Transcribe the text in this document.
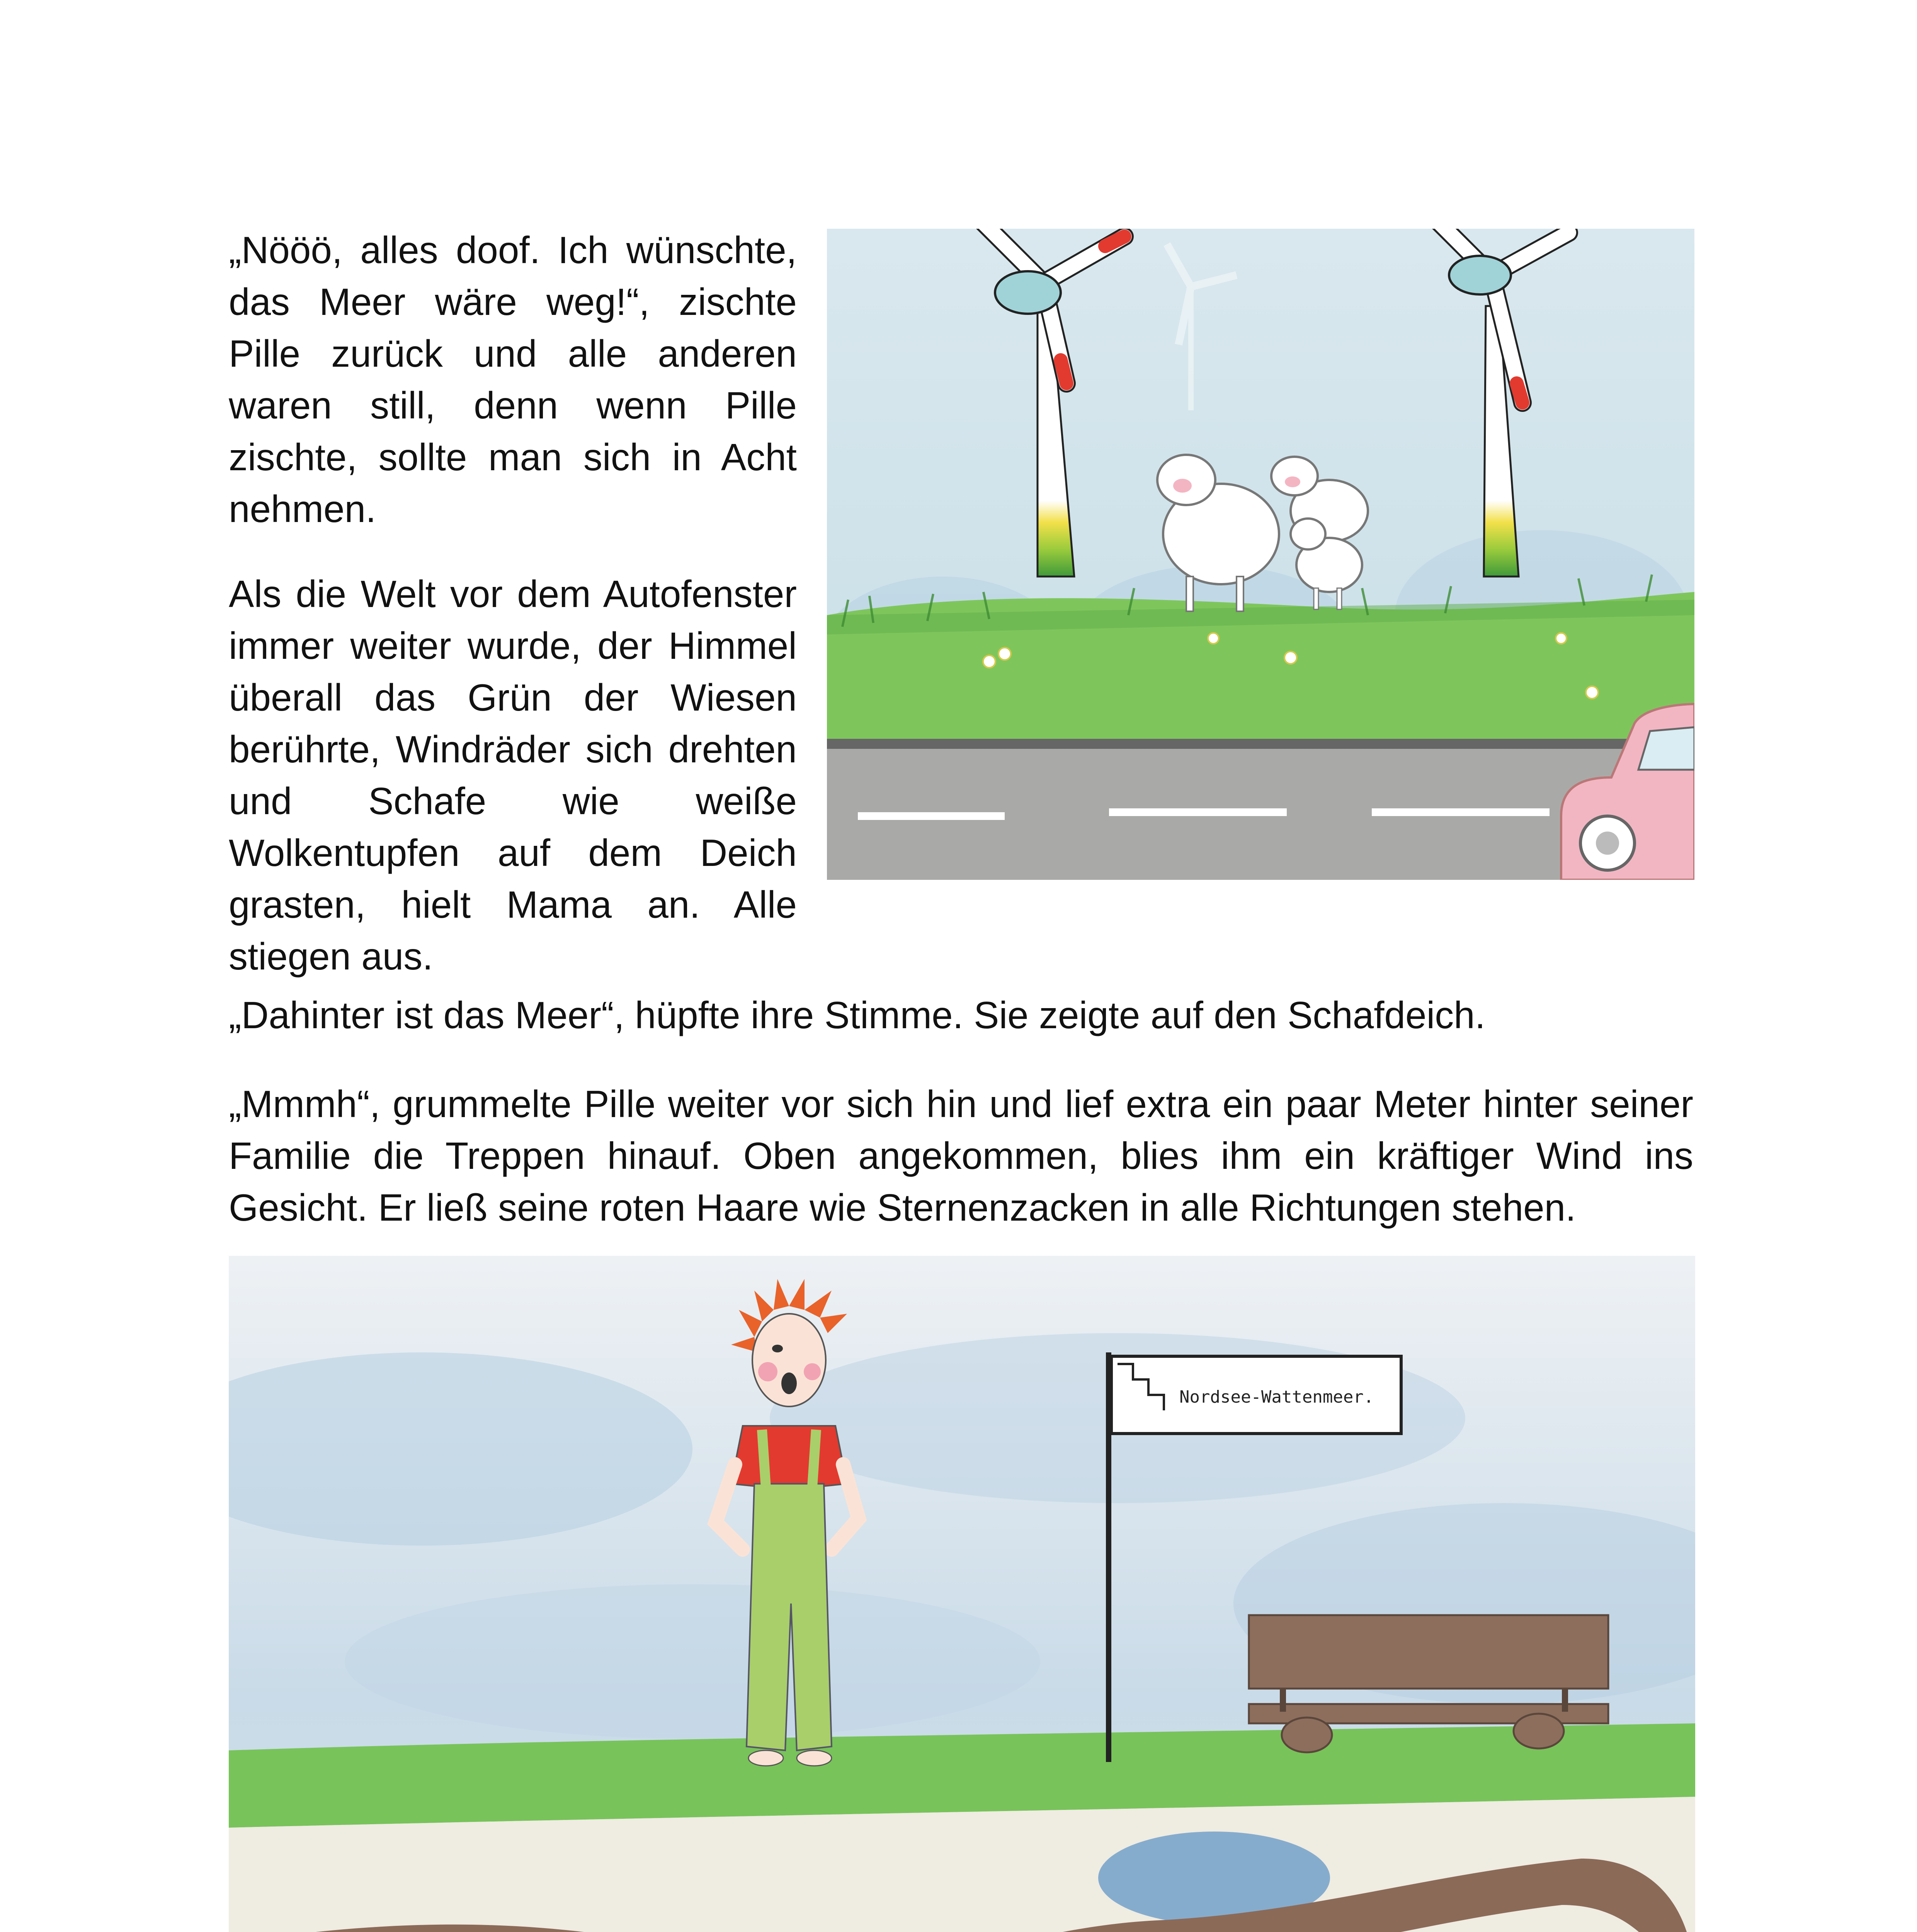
„Nööö, alles doof. Ich wünschte, das Meer wäre weg!“, zischte Pille zurück und alle anderen waren still, denn wenn Pille zischte, sollte man sich in Acht nehmen.

Als die Welt vor dem Autofenster immer weiter wurde, der Himmel überall das Grün der Wiesen berührte, Windräder sich drehten und Schafe wie weiße Wolkentupfen auf dem Deich grasten, hielt Mama an. Alle stiegen aus.

„Dahinter ist das Meer“, hüpfte ihre Stimme. Sie zeigte auf den Schafdeich.

„Mmmh“, grummelte Pille weiter vor sich hin und lief extra ein paar Meter hinter seiner Familie die Treppen hinauf. Oben angekommen, blies ihm ein kräftiger Wind ins Gesicht. Er ließ seine roten Haare wie Sternenzacken in alle Richtungen stehen.

Nordsee-Wattenmeer.
